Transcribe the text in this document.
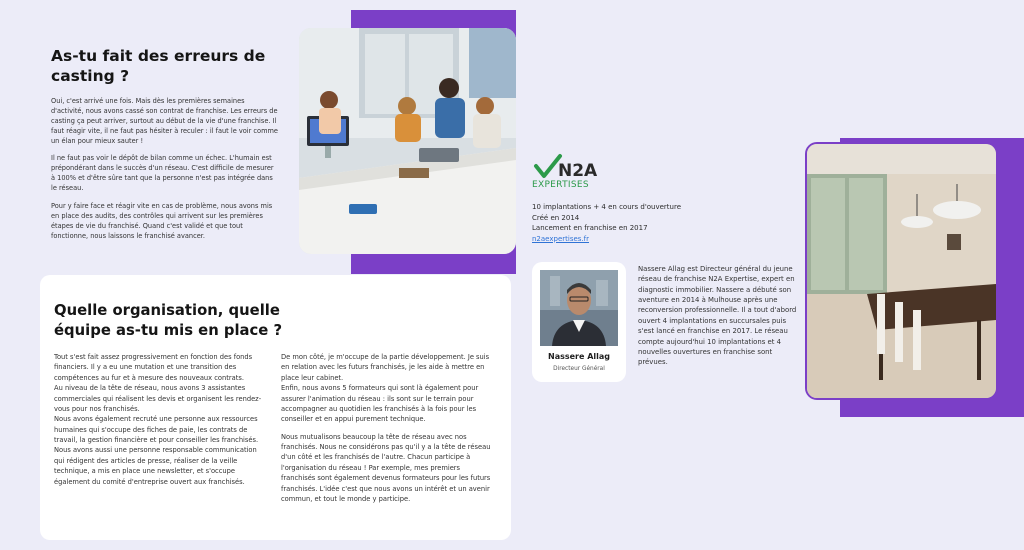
As-tu fait des erreurs de casting ?

Oui, c'est arrivé une fois. Mais dès les premières semaines d'activité, nous avons cassé son contrat de franchise. Les erreurs de casting ça peut arriver, surtout au début de la vie d'une franchise. Il faut réagir vite, il ne faut pas hésiter à reculer : il faut le voir comme un élan pour mieux sauter !

Il ne faut pas voir le dépôt de bilan comme un échec. L'humain est prépondérant dans le succès d'un réseau. C'est difficile de mesurer à 100% et d'être sûre tant que la personne n'est pas intégrée dans le réseau.

Pour y faire face et réagir vite en cas de problème, nous avons mis en place des audits, des contrôles qui arrivent sur les premières étapes de vie du franchisé. Quand c'est validé et que tout fonctionne, nous laissons le franchisé avancer.

Quelle organisation, quelle équipe as-tu mis en place ?

Tout s'est fait assez progressivement en fonction des fonds financiers. Il y a eu une mutation et une transition des compétences au fur et à mesure des nouveaux contrats.
Au niveau de la tête de réseau, nous avons 3 assistantes commerciales qui réalisent les devis et organisent les rendez-vous pour nos franchisés.
Nous avons également recruté une personne aux ressources humaines qui s'occupe des fiches de paie, les contrats de travail, la gestion financière et pour conseiller les franchisés.
Nous avons aussi une personne responsable communication qui rédigent des articles de presse, réaliser de la veille technique, a mis en place une newsletter, et s'occupe également du comité d'entreprise ouvert aux franchisés.

De mon côté, je m'occupe de la partie développement. Je suis en relation avec les futurs franchisés, je les aide à mettre en place leur cabinet.
Enfin, nous avons 5 formateurs qui sont là également pour assurer l'animation du réseau : ils sont sur le terrain pour accompagner au quotidien les franchisés à la fois pour les conseiller et en appui purement technique.

Nous mutualisons beaucoup la tête de réseau avec nos franchisés. Nous ne considérons pas qu'il y a la tête de réseau d'un côté et les franchisés de l'autre. Chacun participe à l'organisation du réseau ! Par exemple, mes premiers franchisés sont également devenus formateurs pour les futurs franchisés. L'idée c'est que nous avons un intérêt et un avenir commun, et tout le monde y participe.

N2A
EXPERTISES
10 implantations + 4 en cours d'ouverture
Créé en 2014
Lancement en franchise en 2017
n2aexpertises.fr
Nassere Allag
Directeur Général
Nassere Allag est Directeur général du jeune réseau de franchise N2A Expertise, expert en diagnostic immobilier. Nassere a débuté son aventure en 2014 à Mulhouse après une reconversion professionnelle. Il a tout d'abord ouvert 4 implantations en succursales puis s'est lancé en franchise en 2017. Le réseau compte aujourd'hui 10 implantations et 4 nouvelles ouvertures en franchise sont prévues.
